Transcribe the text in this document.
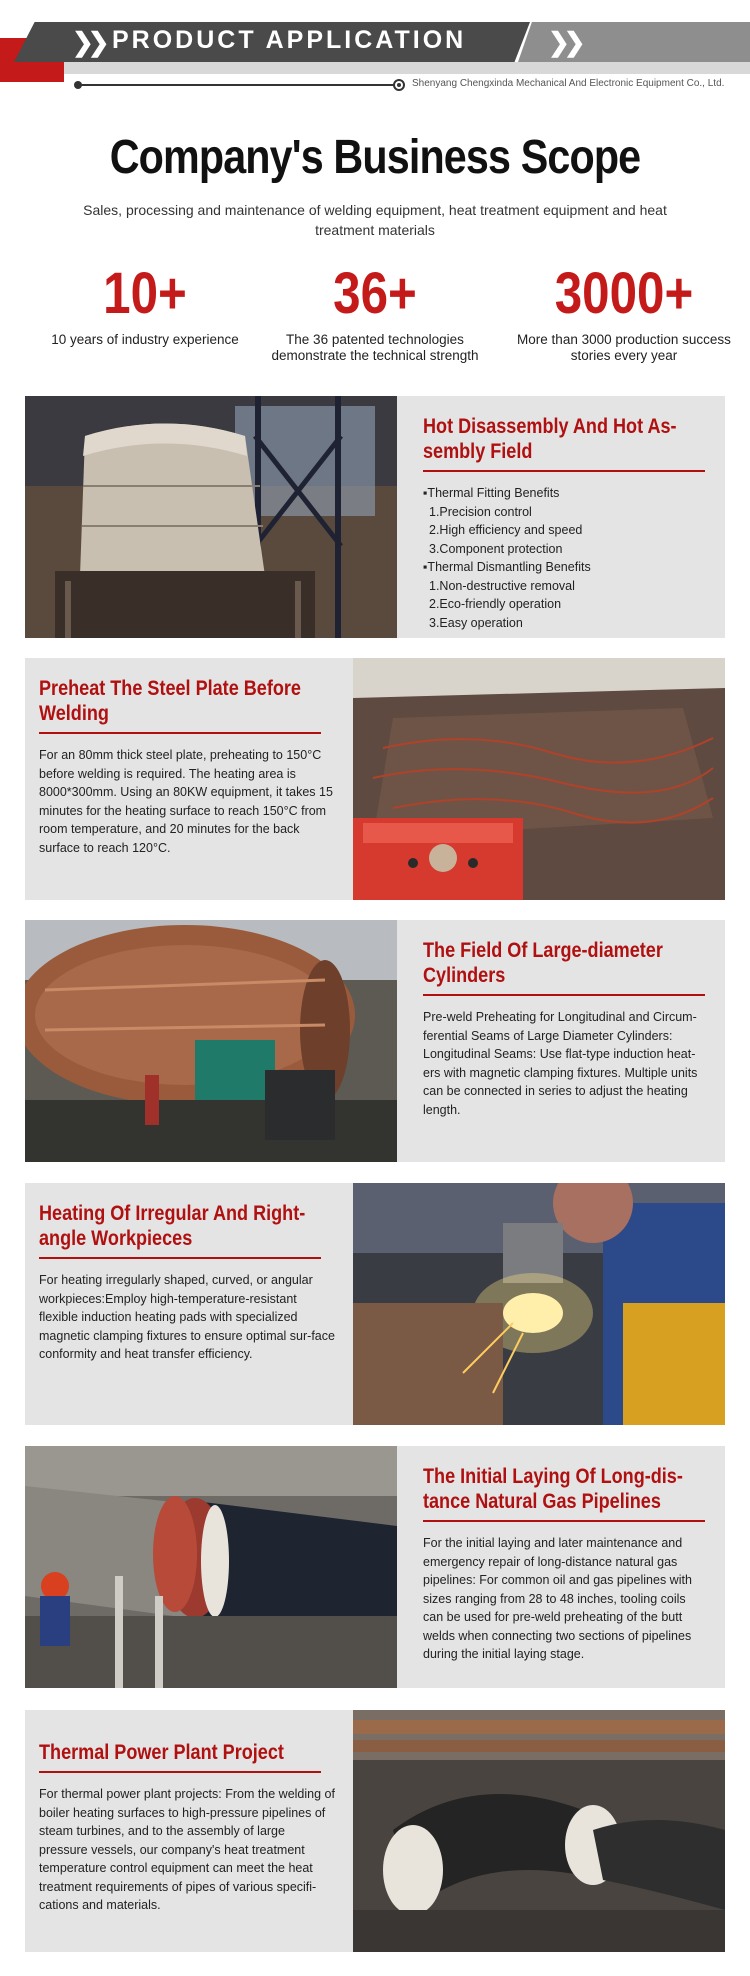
❯❯ PRODUCT APPLICATION	❯❯
Shenyang Chengxinda Mechanical And Electronic Equipment Co., Ltd.
Company's Business Scope
Sales, processing and maintenance of welding equipment, heat treatment equipment and heat treatment materials
10+
10 years of industry experience
36+
The 36 patented technologies demonstrate the technical strength
3000+
More than 3000 production success stories every year
Hot Disassembly And Hot As-sembly Field
▪Thermal Fitting Benefits
1.Precision control
2.High efficiency and speed
3.Component protection
▪Thermal Dismantling Benefits
1.Non-destructive removal
2.Eco-friendly operation
3.Easy operation
Preheat The Steel Plate Before Welding

For an 80mm thick steel plate, preheating to 150°C before welding is required. The heating area is 8000*300mm. Using an 80KW equipment, it takes 15 minutes for the heating surface to reach 150°C from room temperature, and 20 minutes for the back surface to reach 120°C.

The Field Of Large-diameter Cylinders

Pre-weld Preheating for Longitudinal and Circum-ferential Seams of Large Diameter Cylinders: Longitudinal Seams: Use flat-type induction heat-ers with magnetic clamping fixtures. Multiple units can be connected in series to adjust the heating length.

Heating Of Irregular And Right-angle Workpieces

For heating irregularly shaped, curved, or angular workpieces:Employ high-temperature-resistant flexible induction heating pads with specialized magnetic clamping fixtures to ensure optimal sur-face conformity and heat transfer efficiency.

The Initial Laying Of Long-dis-tance Natural Gas Pipelines

For the initial laying and later maintenance and emergency repair of long-distance natural gas pipelines: For common oil and gas pipelines with sizes ranging from 28 to 48 inches, tooling coils can be used for pre-weld preheating of the butt welds when connecting two sections of pipelines during the initial laying stage.

Thermal Power Plant Project

For thermal power plant projects: From the welding of boiler heating surfaces to high-pressure pipelines of steam turbines, and to the assembly of large pressure vessels, our company's heat treatment temperature control equipment can meet the heat treatment requirements of pipes of various specifi-cations and materials.
